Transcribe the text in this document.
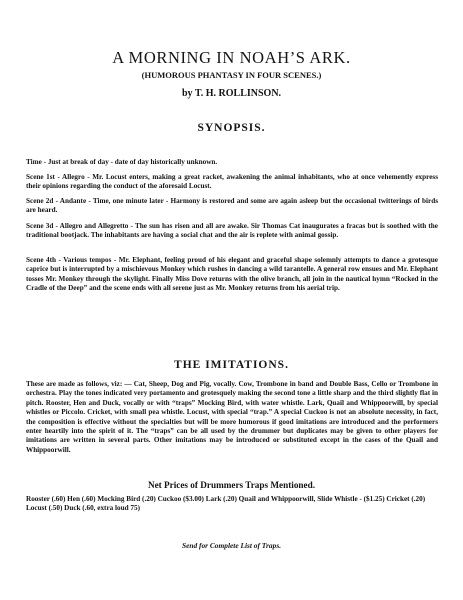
A MORNING IN NOAH’S ARK.

(HUMOROUS PHANTASY IN FOUR SCENES.)

by T. H. ROLLINSON.

SYNOPSIS.

Time - Just at break of day - date of day historically unknown.

Scene 1st - Allegro - Mr. Locust enters, making a great racket, awakening the animal inhabitants, who at once vehemently express their opinions regarding the conduct of the aforesaid Locust.

Scene 2d - Andante - Time, one minute later - Harmony is restored and some are again asleep but the occasional twitterings of birds are heard.

Scene 3d - Allegro and Allegretto - The sun has risen and all are awake. Sir Thomas Cat inaugurates a fracas but is soothed with the traditional bootjack. The inhabitants are having a social chat and the air is replete with animal gossip.

Scene 4th - Various tempos - Mr. Elephant, feeling proud of his elegant and graceful shape solemnly attempts to dance a grotesque caprice but is interrupted by a mischievous Monkey which rushes in dancing a wild tarantelle. A general row ensues and Mr. Elephant tosses Mr. Monkey through the skylight. Finally Miss Dove returns with the olive branch, all join in the nautical hymn “Rocked in the Cradle of the Deep” and the scene ends with all serene just as Mr. Monkey returns from his aerial trip.

THE IMITATIONS.

These are made as follows, viz: — Cat, Sheep, Dog and Pig, vocally. Cow, Trombone in band and Double Bass, Cello or Trombone in orchestra. Play the tones indicated very portamento and grotesquely making the second tone a little sharp and the third slightly flat in pitch. Rooster, Hen and Duck, vocally or with “traps” Mocking Bird, with water whistle. Lark, Quail and Whippoorwill, by special whistles or Piccolo. Cricket, with small pea whistle. Locust, with special “trap.” A special Cuckoo is not an absolute necessity, in fact, the composition is effective without the specialties but will be more humorous if good imitations are introduced and the performers enter heartily into the spirit of it. The “traps” can be all used by the drummer but duplicates may be given to other players for imitations are written in several parts. Other imitations may be introduced or substituted except in the cases of the Quail and Whippoorwill.

Net Prices of Drummers Traps Mentioned.

Rooster (.60) Hen (.60) Mocking Bird (.20) Cuckoo ($3.00) Lark (.20) Quail and Whippoorwill, Slide Whistle - ($1.25) Cricket (.20) Locust (.50) Duck (.60, extra loud 75)

Send for Complete List of Traps.
